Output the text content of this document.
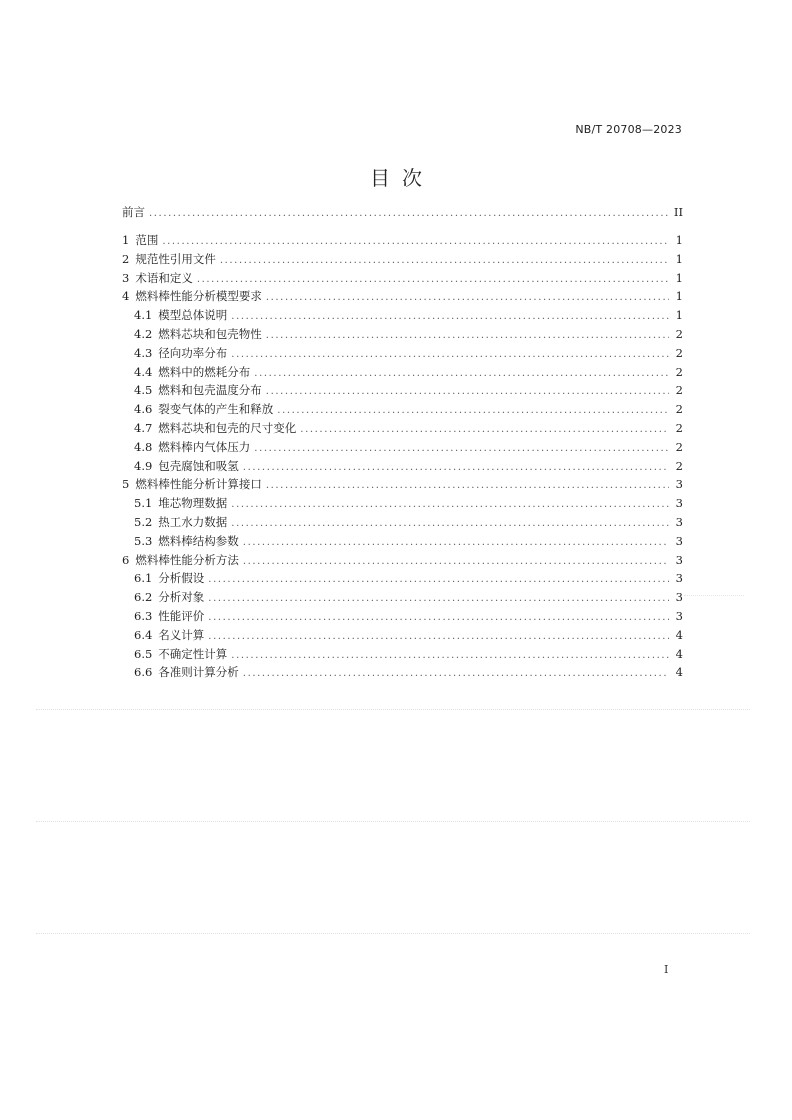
NB/T 20708—2023
目次
前言 .....	II
1 范围 .....	1
2 规范性引用文件 .....	1
3 术语和定义 .....	1
4 燃料棒性能分析模型要求 .....	1
4.1 模型总体说明 .....	1
4.2 燃料芯块和包壳物性 .....	2
4.3 径向功率分布 .....	2
4.4 燃料中的燃耗分布 .....	2
4.5 燃料和包壳温度分布 .....	2
4.6 裂变气体的产生和释放 .....	2
4.7 燃料芯块和包壳的尺寸变化 .....	2
4.8 燃料棒内气体压力 .....	2
4.9 包壳腐蚀和吸氢 .....	2
5 燃料棒性能分析计算接口 .....	3
5.1 堆芯物理数据 .....	3
5.2 热工水力数据 .....	3
5.3 燃料棒结构参数 .....	3
6 燃料棒性能分析方法 .....	3
6.1 分析假设 .....	3
6.2 分析对象 .....	3
6.3 性能评价 .....	3
6.4 名义计算 .....	4
6.5 不确定性计算 .....	4
6.6 各准则计算分析 .....	4
I
